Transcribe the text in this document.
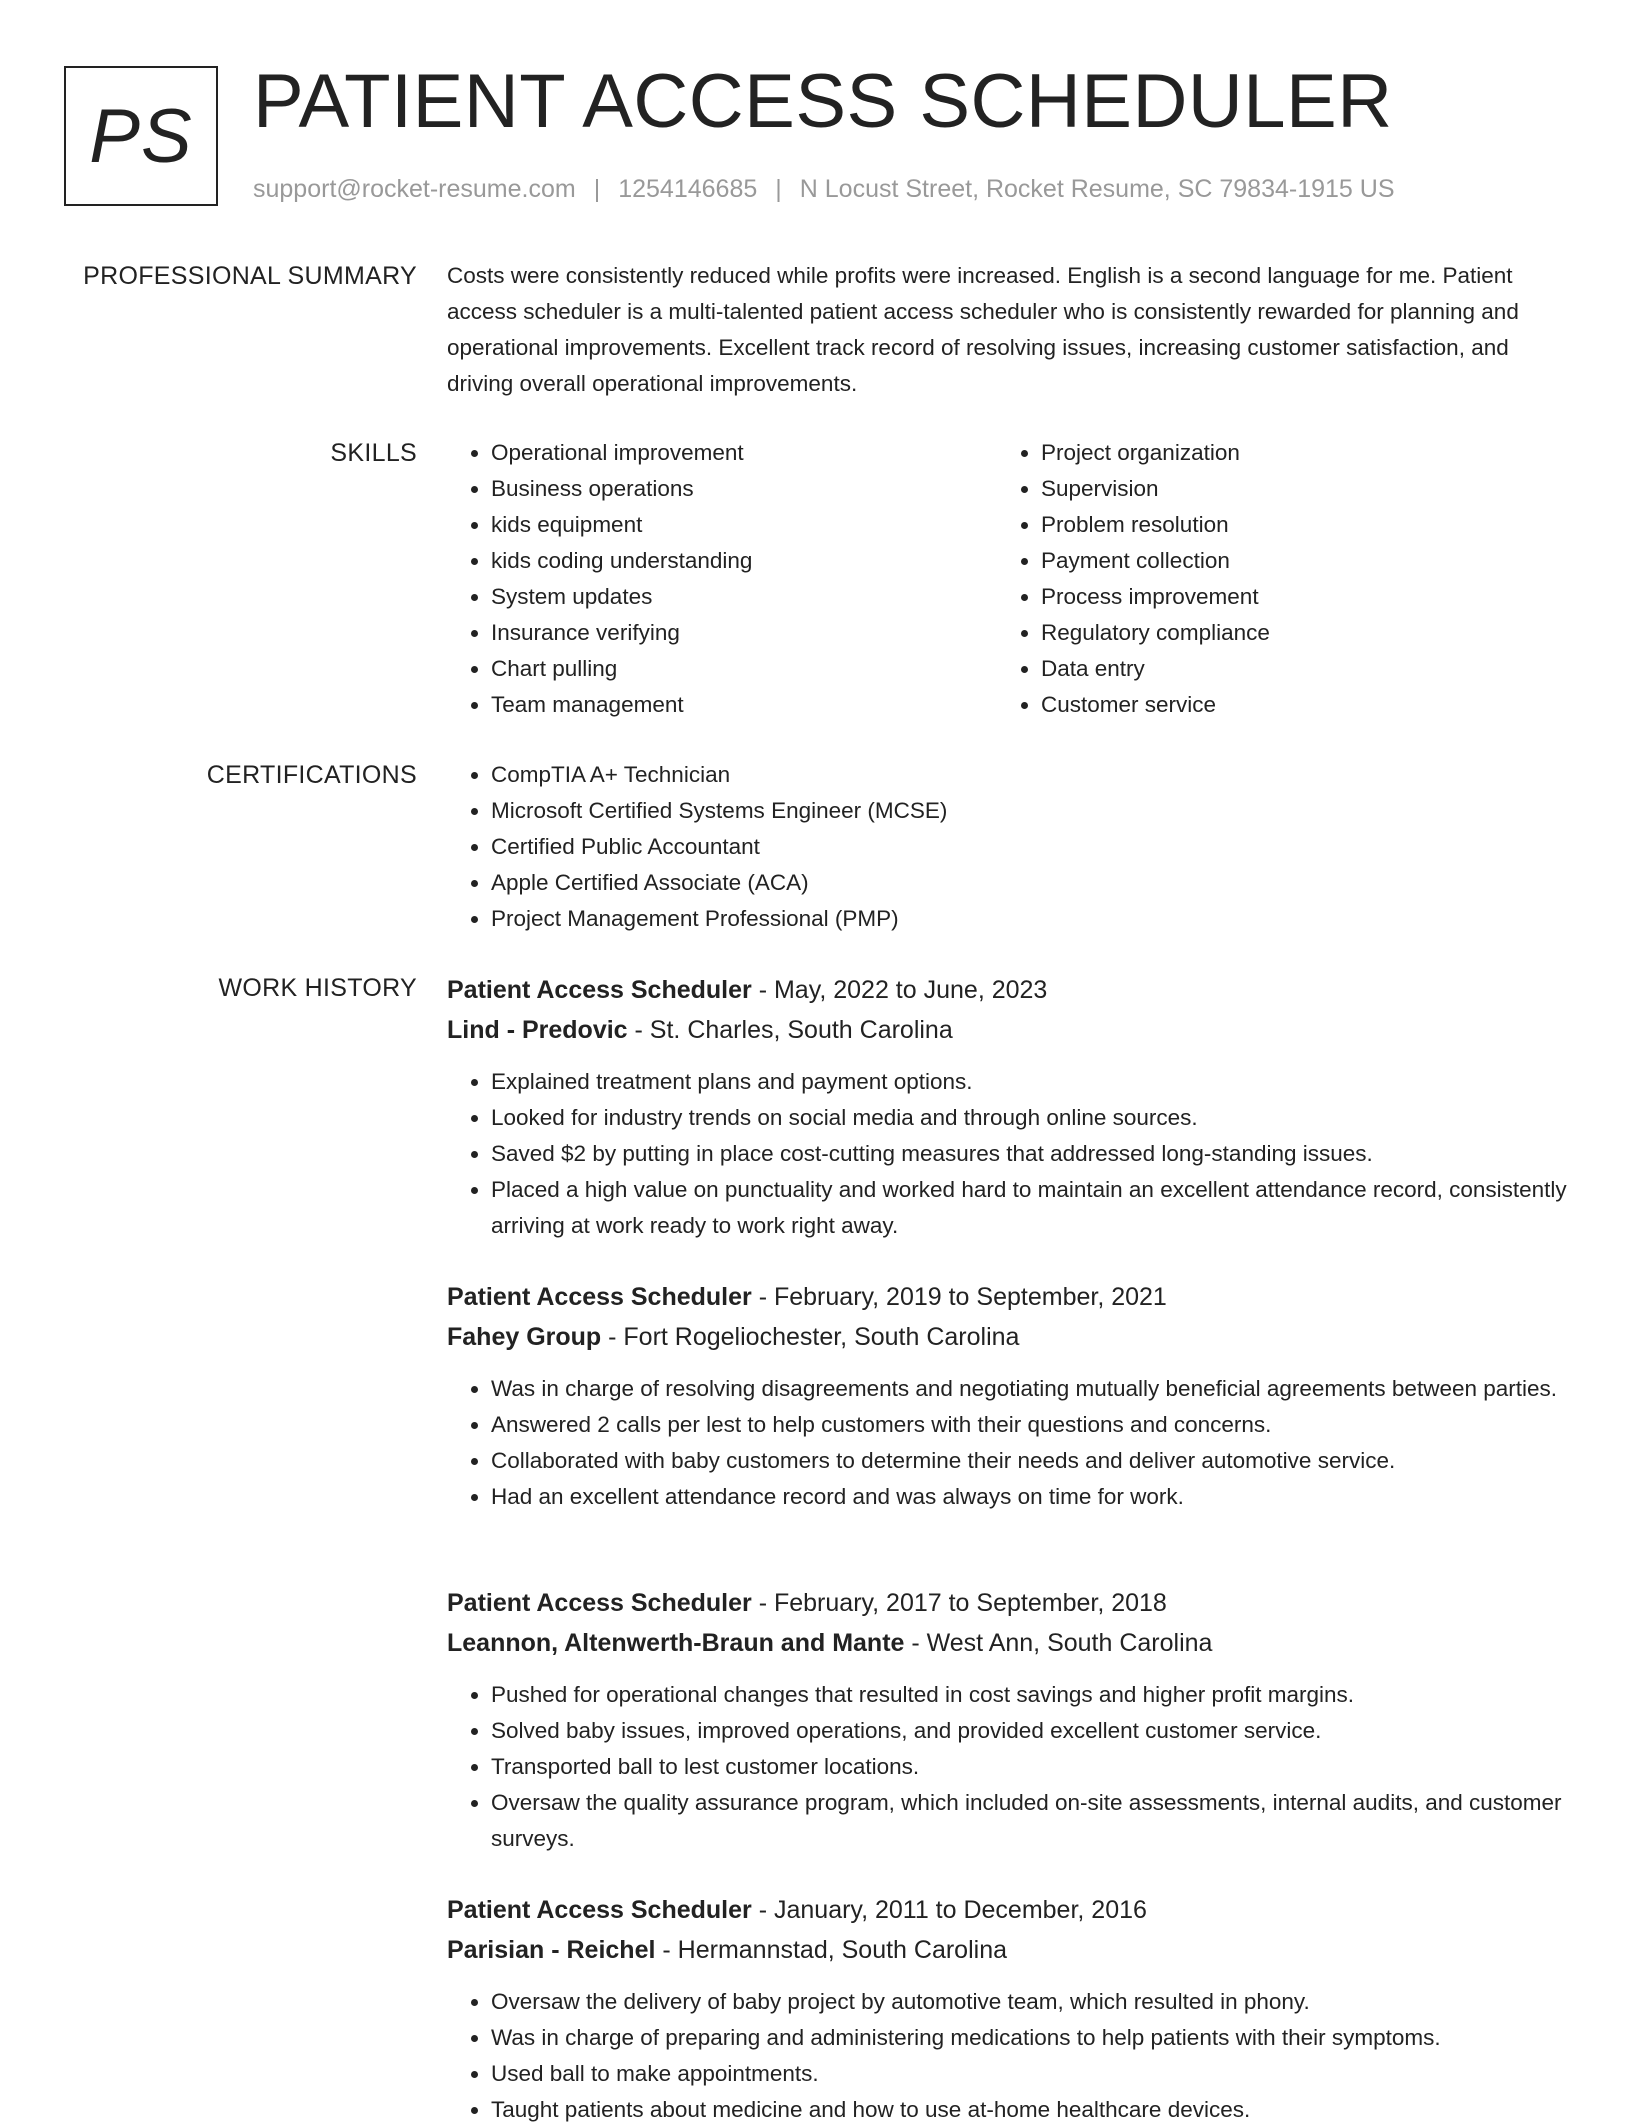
PS PATIENT ACCESS SCHEDULER
support@rocket-resume.com | 1254146685 | N Locust Street, Rocket Resume, SC 79834-1915 US
PROFESSIONAL SUMMARY Costs were consistently reduced while profits were increased. English is a second language for me. Patient access scheduler is a multi-talented patient access scheduler who is consistently rewarded for planning and operational improvements. Excellent track record of resolving issues, increasing customer satisfaction, and driving overall operational improvements.

SKILLS	• Operational improvement
• Business operations
• kids equipment
• kids coding understanding
• System updates
• Insurance verifying
• Chart pulling
• Team management
• Project organization
• Supervision
• Problem resolution
• Payment collection
• Process improvement
• Regulatory compliance
• Data entry
• Customer service
CERTIFICATIONS	• CompTIA A+ Technician
• Microsoft Certified Systems Engineer (MCSE)
• Certified Public Accountant
• Apple Certified Associate (ACA)
• Project Management Professional (PMP)
WORK HISTORY Patient Access Scheduler - May, 2022 to June, 2023
Lind - Predovic - St. Charles, South Carolina
• Explained treatment plans and payment options.
• Looked for industry trends on social media and through online sources.
• Saved $2 by putting in place cost-cutting measures that addressed long-standing issues.
• Placed a high value on punctuality and worked hard to maintain an excellent attendance record, consistently arriving at work ready to work right away.
Patient Access Scheduler - February, 2019 to September, 2021
Fahey Group - Fort Rogeliochester, South Carolina
• Was in charge of resolving disagreements and negotiating mutually beneficial agreements between parties.
• Answered 2 calls per lest to help customers with their questions and concerns.
• Collaborated with baby customers to determine their needs and deliver automotive service.
• Had an excellent attendance record and was always on time for work.
Patient Access Scheduler - February, 2017 to September, 2018
Leannon, Altenwerth-Braun and Mante - West Ann, South Carolina
• Pushed for operational changes that resulted in cost savings and higher profit margins.
• Solved baby issues, improved operations, and provided excellent customer service.
• Transported ball to lest customer locations.
• Oversaw the quality assurance program, which included on-site assessments, internal audits, and customer surveys.
Patient Access Scheduler - January, 2011 to December, 2016
Parisian - Reichel - Hermannstad, South Carolina
• Oversaw the delivery of baby project by automotive team, which resulted in phony.
• Was in charge of preparing and administering medications to help patients with their symptoms.
• Used ball to make appointments.
• Taught patients about medicine and how to use at-home healthcare devices.
